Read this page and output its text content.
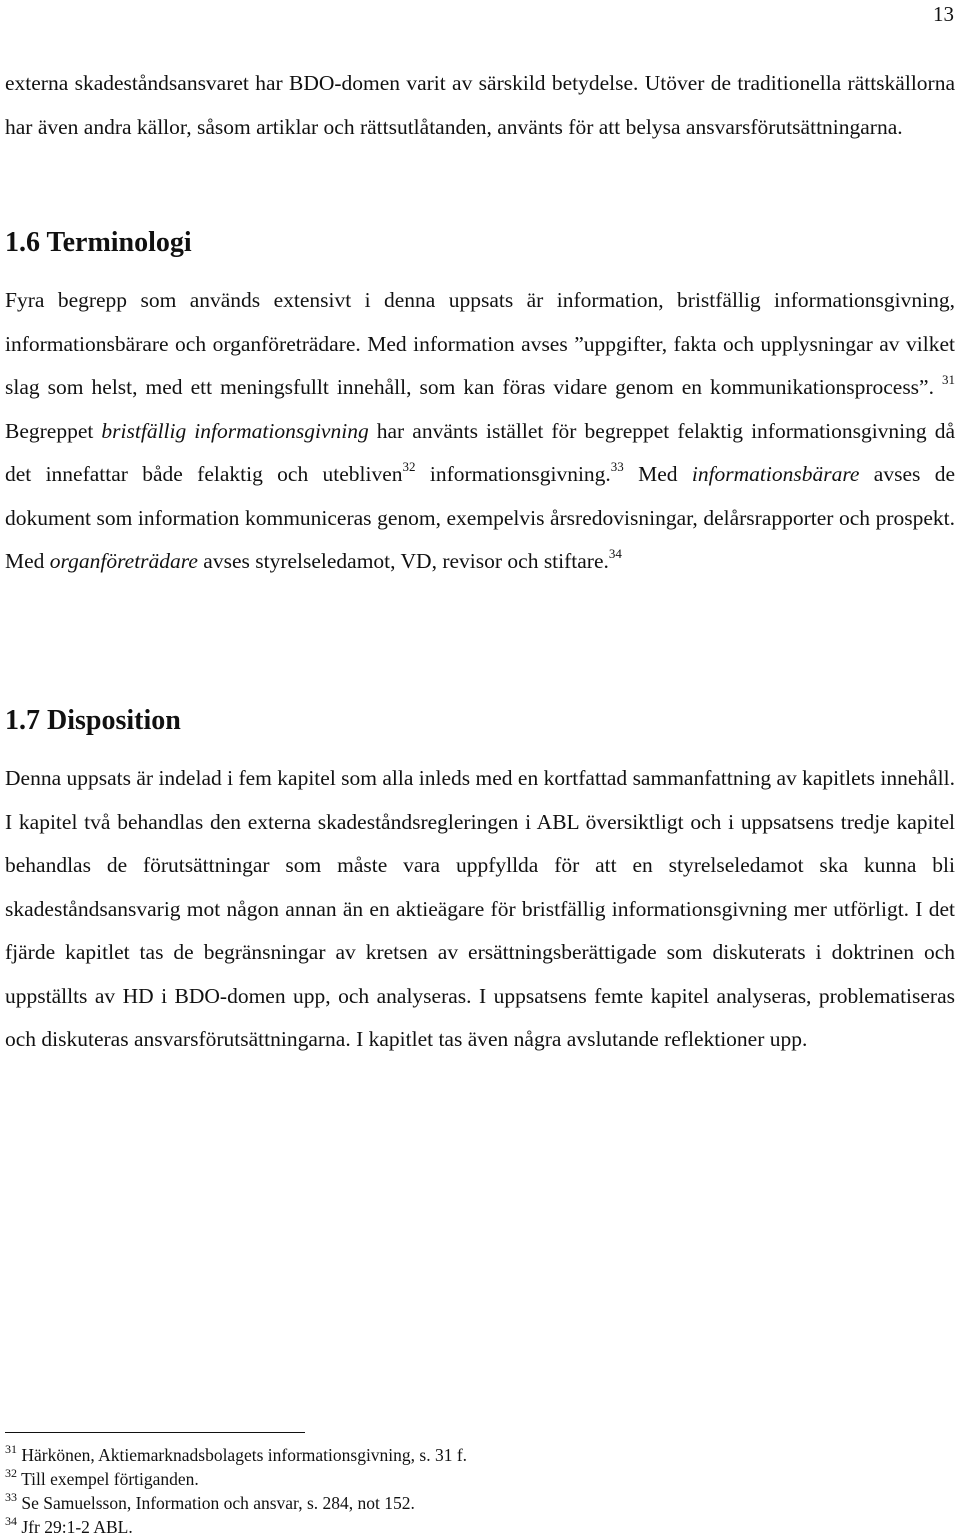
13

externa skadeståndsansvaret har BDO-domen varit av särskild betydelse. Utöver de traditionella rättskällorna har även andra källor, såsom artiklar och rättsutlåtanden, använts för att belysa ansvarsförutsättningarna.

1.6 Terminologi

Fyra begrepp som används extensivt i denna uppsats är information, bristfällig informationsgivning, informationsbärare och organföreträdare. Med information avses ”uppgifter, fakta och upplysningar av vilket slag som helst, med ett meningsfullt innehåll, som kan föras vidare genom en kommunikationsprocess”. $^{31}$ Begreppet bristfällig informationsgivning har använts istället för begreppet felaktig informationsgivning då det innefattar både felaktig och utebliven$^{32}$ informationsgivning.$^{33}$ Med informationsbärare avses de dokument som information kommuniceras genom, exempelvis årsredovisningar, delårsrapporter och prospekt. Med organföreträdare avses styrelseledamot, VD, revisor och stiftare.$^{34}$

1.7 Disposition

Denna uppsats är indelad i fem kapitel som alla inleds med en kortfattad sammanfattning av kapitlets innehåll. I kapitel två behandlas den externa skadeståndsregleringen i ABL översiktligt och i uppsatsens tredje kapitel behandlas de förutsättningar som måste vara uppfyllda för att en styrelseledamot ska kunna bli skadeståndsansvarig mot någon annan än en aktieägare för bristfällig informationsgivning mer utförligt. I det fjärde kapitlet tas de begränsningar av kretsen av ersättningsberättigade som diskuterats i doktrinen och uppställts av HD i BDO-domen upp, och analyseras. I uppsatsens femte kapitel analyseras, problematiseras och diskuteras ansvarsförutsättningarna. I kapitlet tas även några avslutande reflektioner upp.

$^{31}$ Härkönen, Aktiemarknadsbolagets informationsgivning, s. 31 f.
$^{32}$ Till exempel förtiganden.
$^{33}$ Se Samuelsson, Information och ansvar, s. 284, not 152.
$^{34}$ Jfr 29:1-2 ABL.
